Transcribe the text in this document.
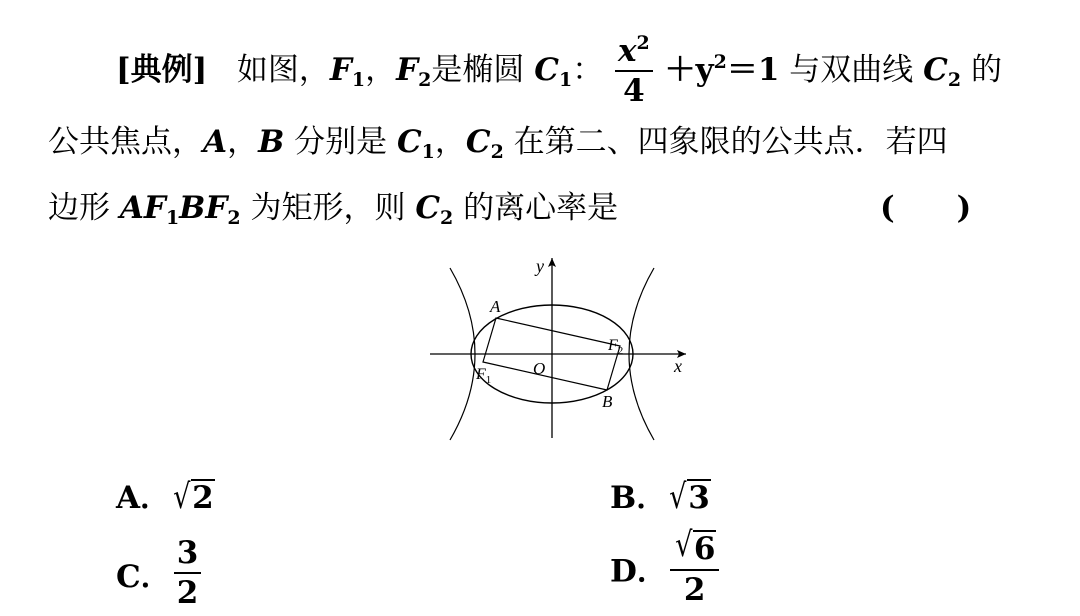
[典例] 如图，$F_1$，$F_2$是椭圆 $C_1$： $\frac{x^2}{4} +y^2=1$ 与双曲线 $C_2$ 的
公共焦点，A，B 分别是 $C_1$，$C_2$ 在第二、四象限的公共点．若四
边形 $AF_1BF_2$ 为矩形，则 $C_2$ 的离心率是	(　　)
y
x
A
B
O
$F_1$
$F_2$
A． √ 2	B． √ 3
C． $\frac{3}{2}$	D． $\frac{√ 6}{2}$
